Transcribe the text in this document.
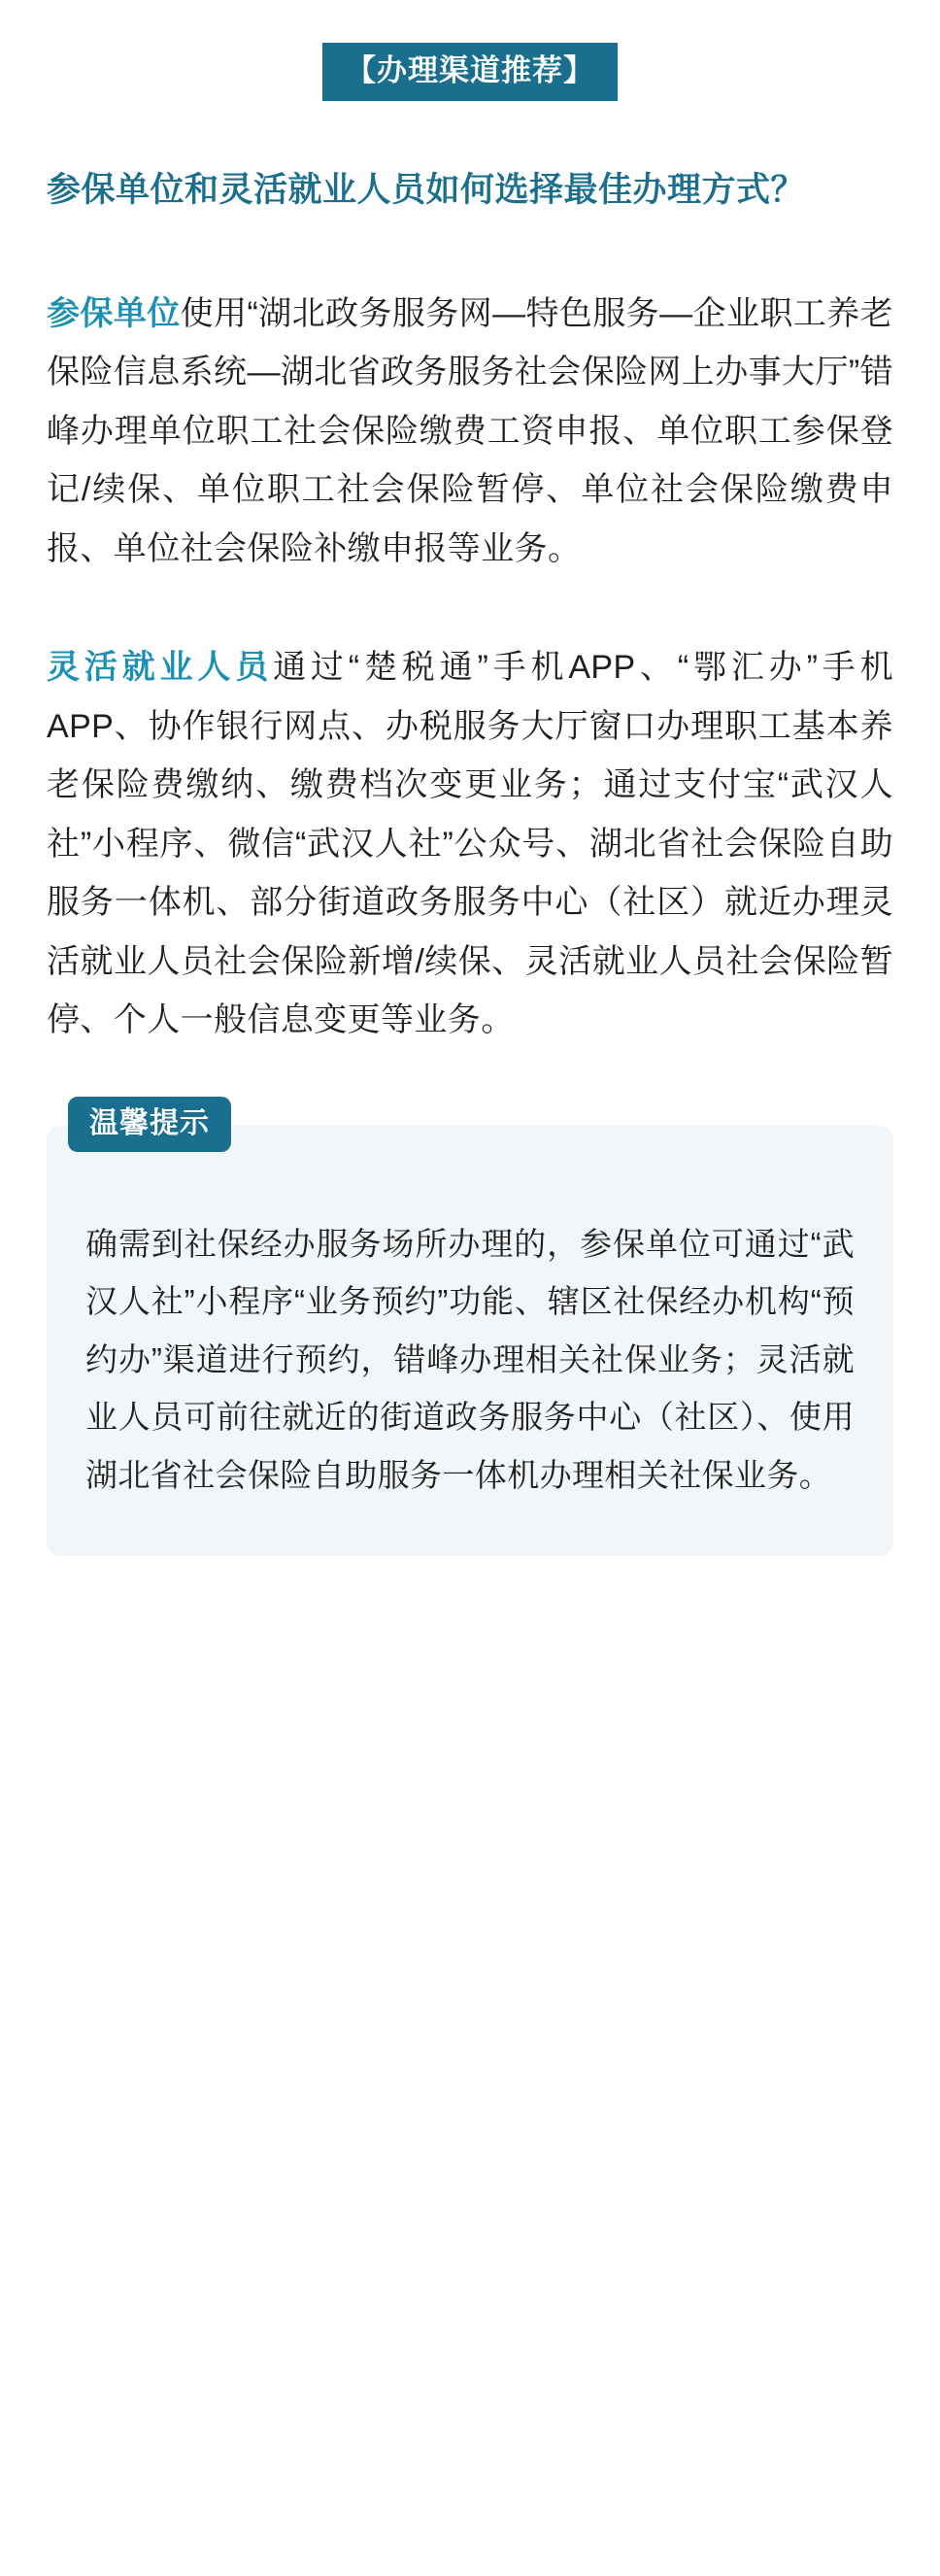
【办理渠道推荐】
参保单位和灵活就业人员如何选择最佳办理方式？

参保单位使用“湖北政务服务网—特色服务—企业职工养老保险信息系统—湖北省政务服务社会保险网上办事大厅”错峰办理单位职工社会保险缴费工资申报、单位职工参保登记/续保、单位职工社会保险暂停、单位社会保险缴费申报、单位社会保险补缴申报等业务。

灵活就业人员通过“楚税通”手机APP、“鄂汇办”手机APP、协作银行网点、办税服务大厅窗口办理职工基本养老保险费缴纳、缴费档次变更业务；通过支付宝“武汉人社”小程序、微信“武汉人社”公众号、湖北省社会保险自助服务一体机、部分街道政务服务中心（社区）就近办理灵活就业人员社会保险新增/续保、灵活就业人员社会保险暂停、个人一般信息变更等业务。

温馨提示
确需到社保经办服务场所办理的，参保单位可通过“武汉人社”小程序“业务预约”功能、辖区社保经办机构“预约办”渠道进行预约，错峰办理相关社保业务；灵活就业人员可前往就近的街道政务服务中心（社区）、使用湖北省社会保险自助服务一体机办理相关社保业务。
